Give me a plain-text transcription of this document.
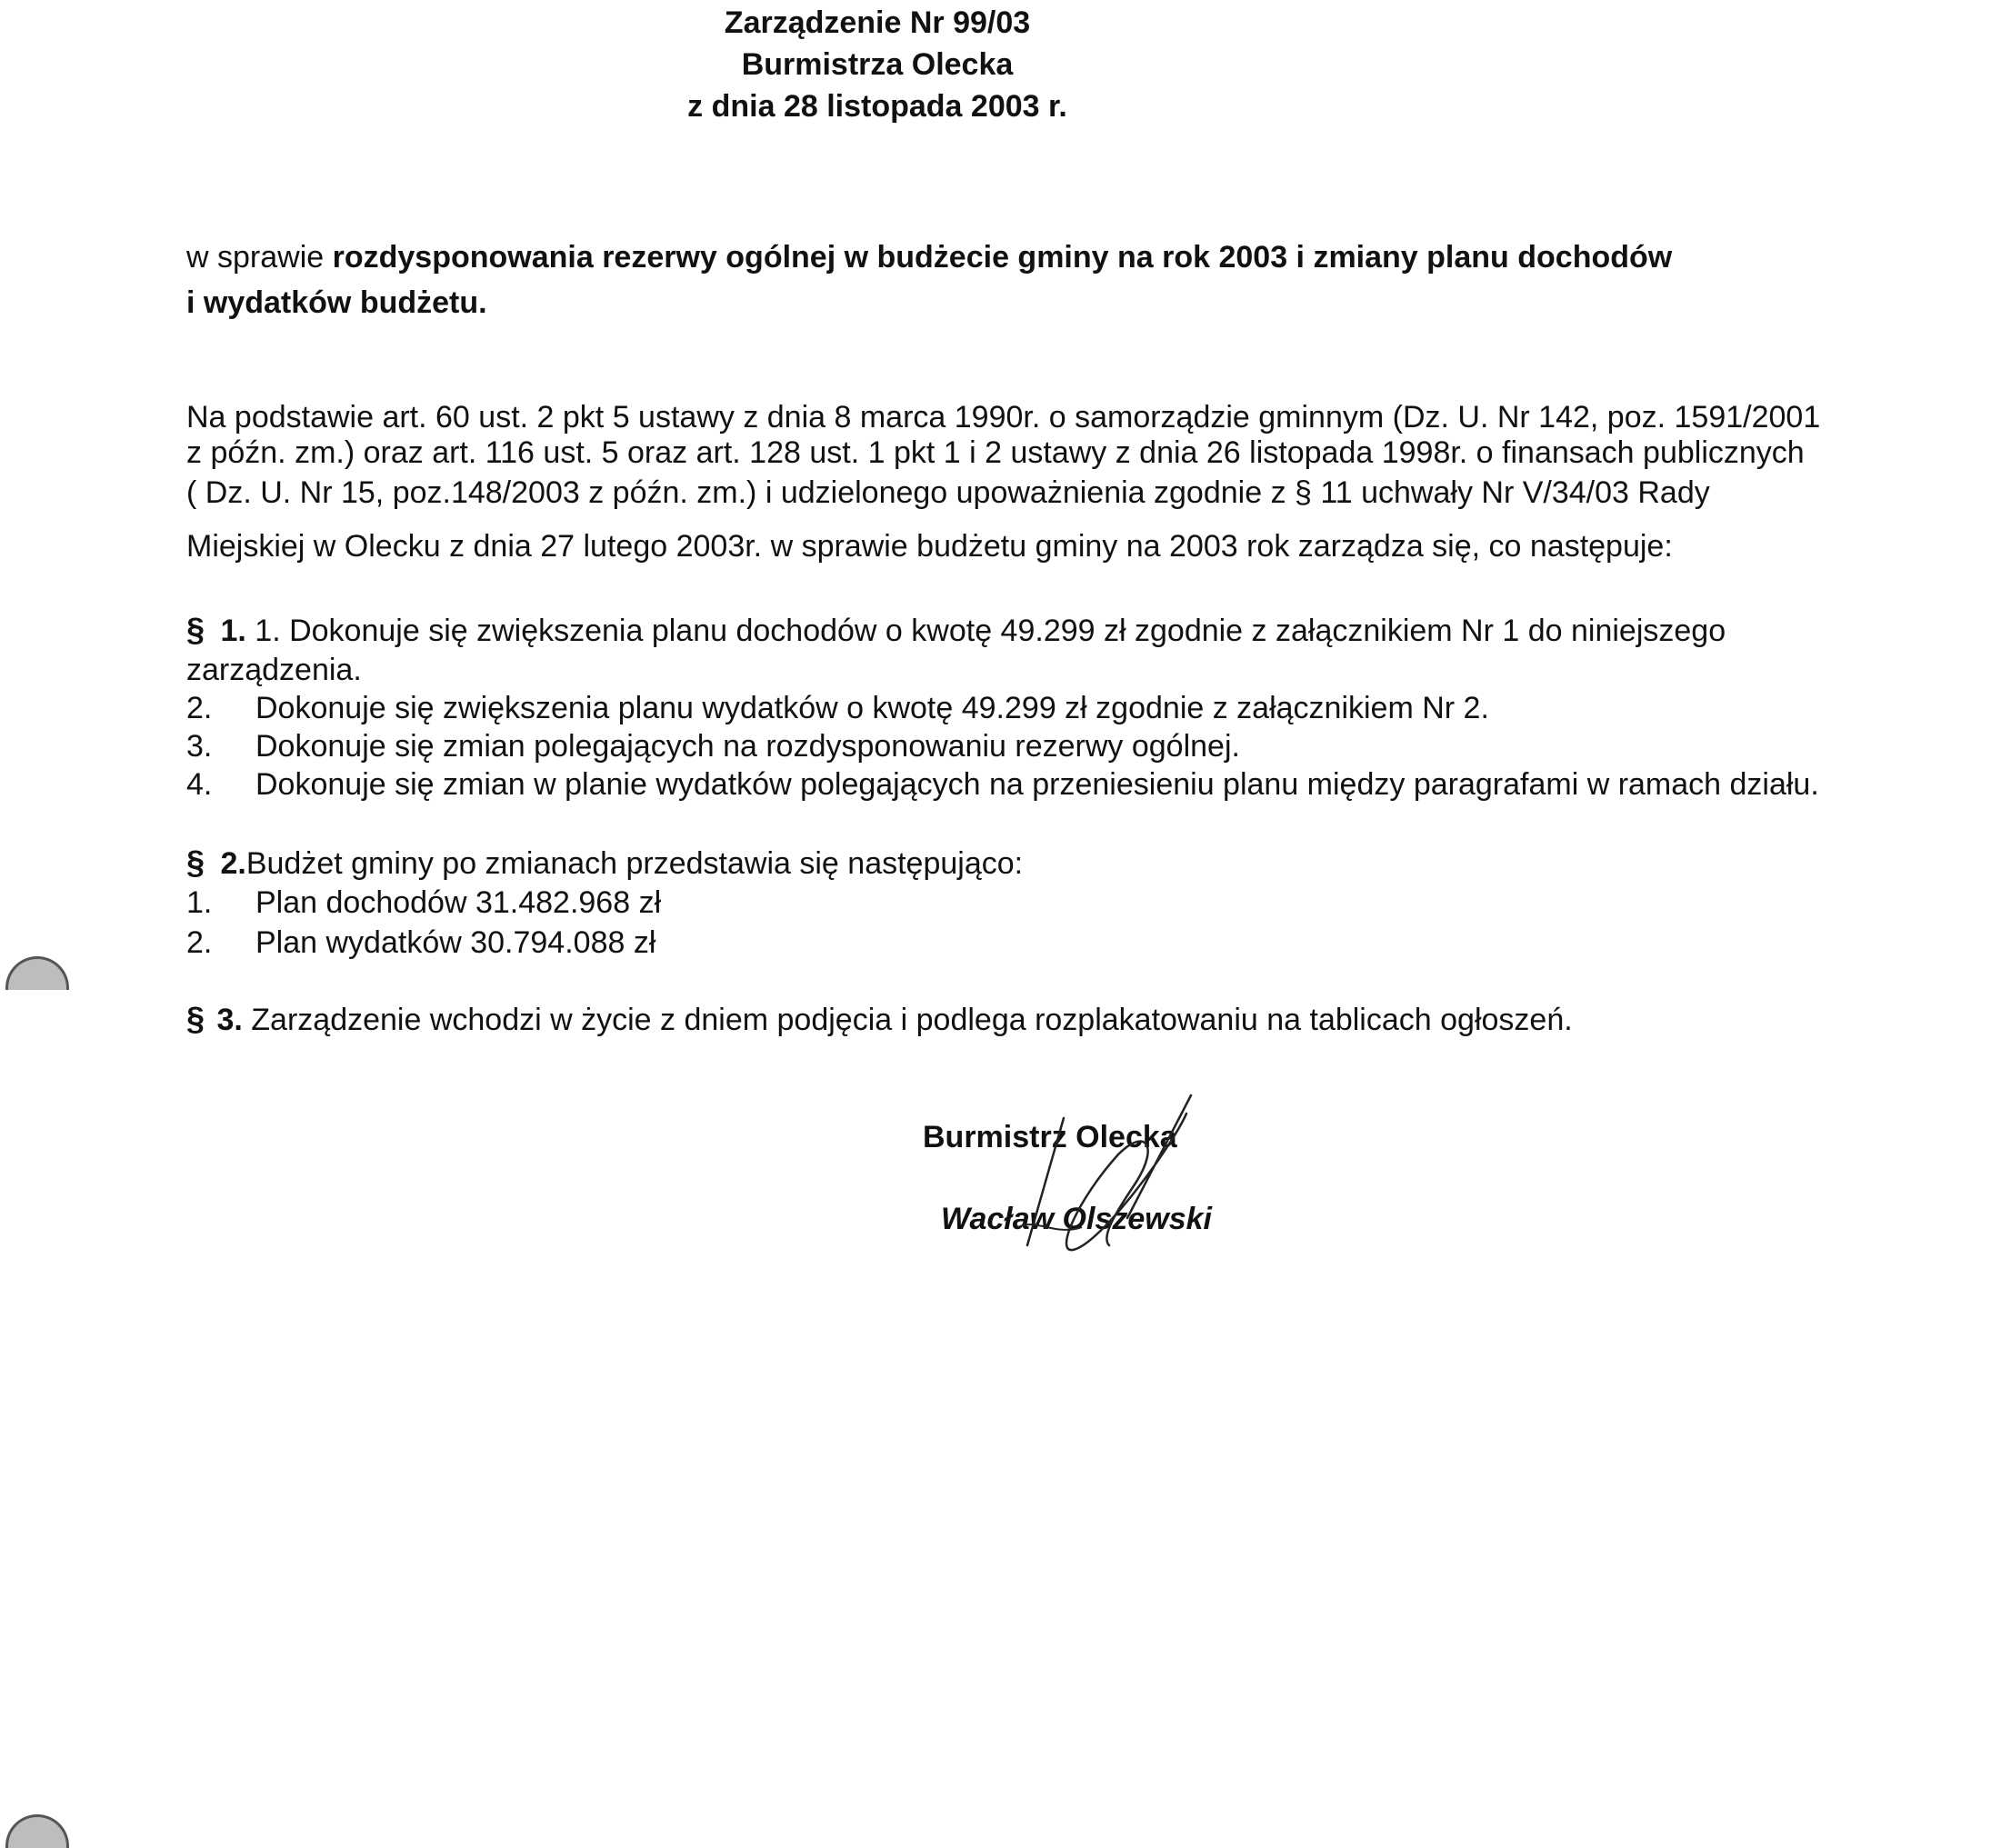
Zarządzenie Nr 99/03
Burmistrza Olecka
z dnia 28 listopada 2003 r.
w sprawie rozdysponowania rezerwy ogólnej w budżecie gminy na rok 2003 i zmiany planu dochodów
i wydatków budżetu.
Na podstawie art. 60 ust. 2 pkt 5 ustawy z dnia 8 marca 1990r. o samorządzie gminnym (Dz. U. Nr 142, poz. 1591/2001
z późn. zm.) oraz art. 116 ust. 5 oraz art. 128 ust. 1 pkt 1 i 2 ustawy z dnia 26 listopada 1998r. o finansach publicznych
( Dz. U. Nr 15, poz.148/2003 z późn. zm.) i udzielonego upoważnienia zgodnie z § 11 uchwały Nr V/34/03 Rady
Miejskiej w Olecku z dnia 27 lutego 2003r. w sprawie budżetu gminy na 2003 rok zarządza się, co następuje:
§ 1. 1. Dokonuje się zwiększenia planu dochodów o kwotę 49.299 zł zgodnie z załącznikiem Nr 1 do niniejszego
zarządzenia.
2. Dokonuje się zwiększenia planu wydatków o kwotę 49.299 zł zgodnie z załącznikiem Nr 2.
3. Dokonuje się zmian polegających na rozdysponowaniu rezerwy ogólnej.
4. Dokonuje się zmian w planie wydatków polegających na przeniesieniu planu między paragrafami w ramach działu.
§ 2.Budżet gminy po zmianach przedstawia się następująco:
1. Plan dochodów 31.482.968 zł
2. Plan wydatków 30.794.088 zł
§ 3. Zarządzenie wchodzi w życie z dniem podjęcia i podlega rozplakatowaniu na tablicach ogłoszeń.
Burmistrz Olecka
Wacław Olszewski
